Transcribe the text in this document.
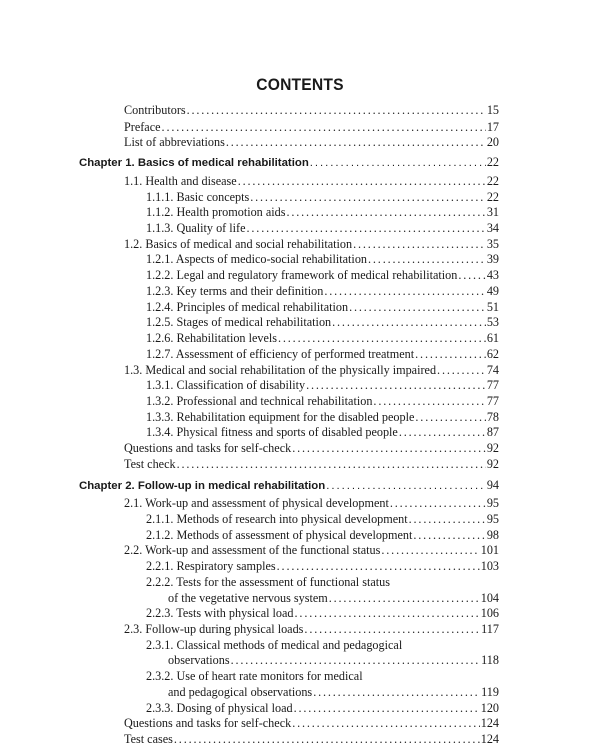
CONTENTS
Contributors . . .	15
Preface . . .	17
List of abbreviations . . .	20
Chapter 1. Basics of medical rehabilitation . . .	22
1.1. Health and disease . . .	22
1.1.1. Basic concepts . . .	22
1.1.2. Health promotion aids . . .	31
1.1.3. Quality of life . . .	34
1.2. Basics of medical and social rehabilitation . . .	35
1.2.1. Aspects of medico-social rehabilitation . . .	39
1.2.2. Legal and regulatory framework of medical rehabilitation . . . 43
1.2.3. Key terms and their definition . . .	49
1.2.4. Principles of medical rehabilitation . . .	51
1.2.5. Stages of medical rehabilitation . . .	53
1.2.6. Rehabilitation levels . . .	61
1.2.7. Assessment of efficiency of performed treatment . . .	62
1.3. Medical and social rehabilitation of the physically impaired . . .	74
1.3.1. Classification of disability . . .	77
1.3.2. Professional and technical rehabilitation . . .	77
1.3.3. Rehabilitation equipment for the disabled people . . .	78
1.3.4. Physical fitness and sports of disabled people . . .	87
Questions and tasks for self-check . . .	92
Test check . . .	92
Chapter 2. Follow-up in medical rehabilitation . . .	94
2.1. Work-up and assessment of physical development . . .	95
2.1.1. Methods of research into physical development . . .	95
2.1.2. Methods of assessment of physical development . . .	98
2.2. Work-up and assessment of the functional status . . .	101
2.2.1. Respiratory samples . . .	103
2.2.2. Tests for the assessment of functional status
of the vegetative nervous system . . .	104
2.2.3. Tests with physical load . . .	106
2.3. Follow-up during physical loads . . .	117
2.3.1. Classical methods of medical and pedagogical
observations . . .	118
2.3.2. Use of heart rate monitors for medical
and pedagogical observations . . .	119
2.3.3. Dosing of physical load . . .	120
Questions and tasks for self-check . . .	124
Test cases . . .	124
